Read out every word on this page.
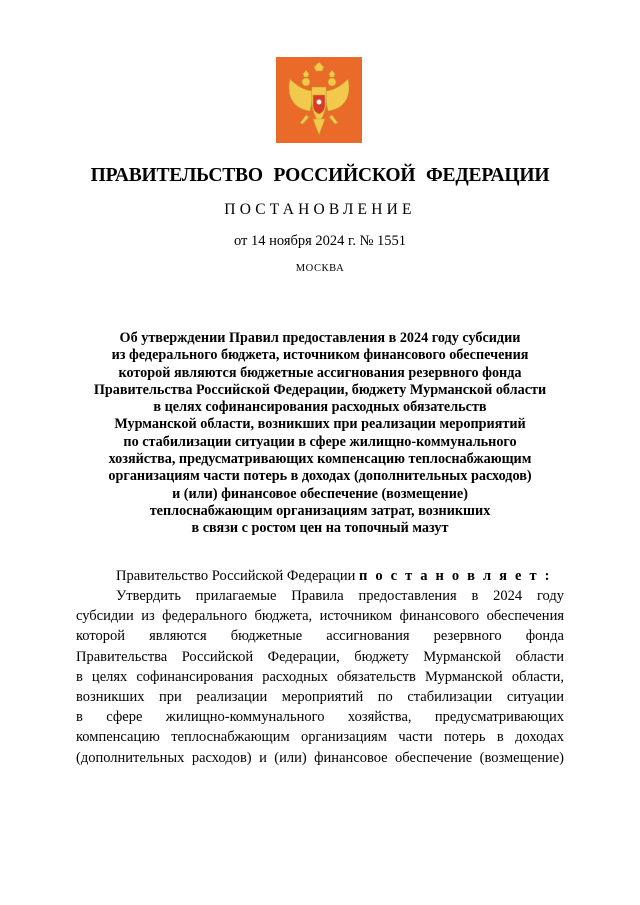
ПРАВИТЕЛЬСТВО РОССИЙСКОЙ ФЕДЕРАЦИИ
ПОСТАНОВЛЕНИЕ
от 14 ноября 2024 г. № 1551
МОСКВА
Об утверждении Правил предоставления в 2024 году субсидии
из федерального бюджета, источником финансового обеспечения
которой являются бюджетные ассигнования резервного фонда
Правительства Российской Федерации, бюджету Мурманской области
в целях софинансирования расходных обязательств
Мурманской области, возникших при реализации мероприятий
по стабилизации ситуации в сфере жилищно-коммунального
хозяйства, предусматривающих компенсацию теплоснабжающим
организациям части потерь в доходах (дополнительных расходов)
и (или) финансовое обеспечение (возмещение)
теплоснабжающим организациям затрат, возникших
в связи с ростом цен на топочный мазут
Правительство Российской Федерации п о с т а н о в л я е т :
Утвердить прилагаемые Правила предоставления в 2024 году
субсидии из федерального бюджета, источником финансового обеспечения
которой являются бюджетные ассигнования резервного фонда
Правительства Российской Федерации, бюджету Мурманской области
в целях софинансирования расходных обязательств Мурманской области,
возникших при реализации мероприятий по стабилизации ситуации
в сфере жилищно-коммунального хозяйства, предусматривающих
компенсацию теплоснабжающим организациям части потерь в доходах
(дополнительных расходов) и (или) финансовое обеспечение (возмещение)
